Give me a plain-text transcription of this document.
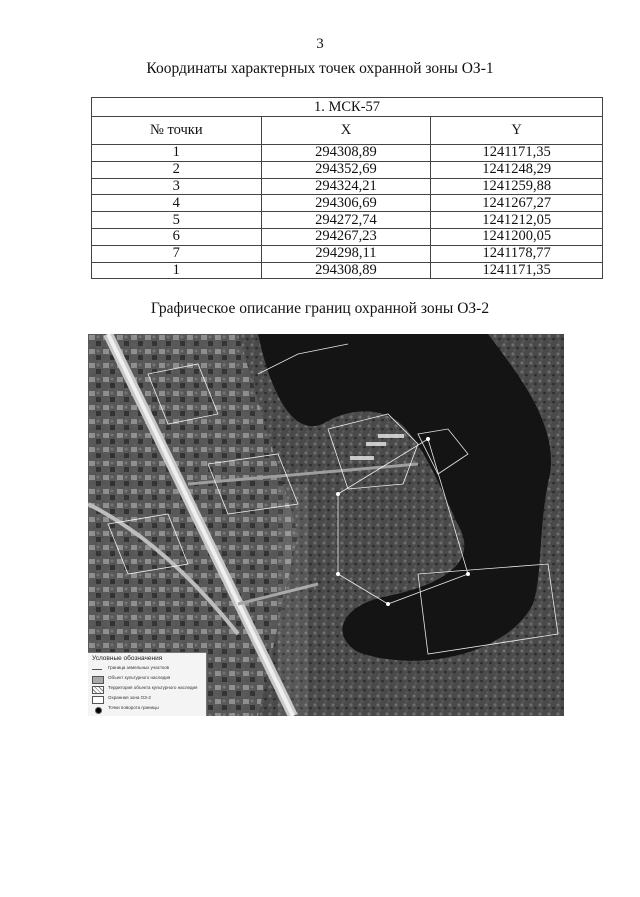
3
Координаты характерных точек охранной зоны ОЗ-1
1. МСК-57		
№ точки	X	Y
1	294308,89	1241171,35
2	294352,69	1241248,29
3	294324,21	1241259,88
4	294306,69	1241267,27
5	294272,74	1241212,05
6	294267,23	1241200,05
7	294298,11	1241178,77
1	294308,89	1241171,35
Графическое описание границ охранной зоны ОЗ-2
Условные обозначения
Граница земельных участков
Объект культурного наследия
Территория объекта культурного наследия
Охранная зона ОЗ-2
Точки поворота границы
